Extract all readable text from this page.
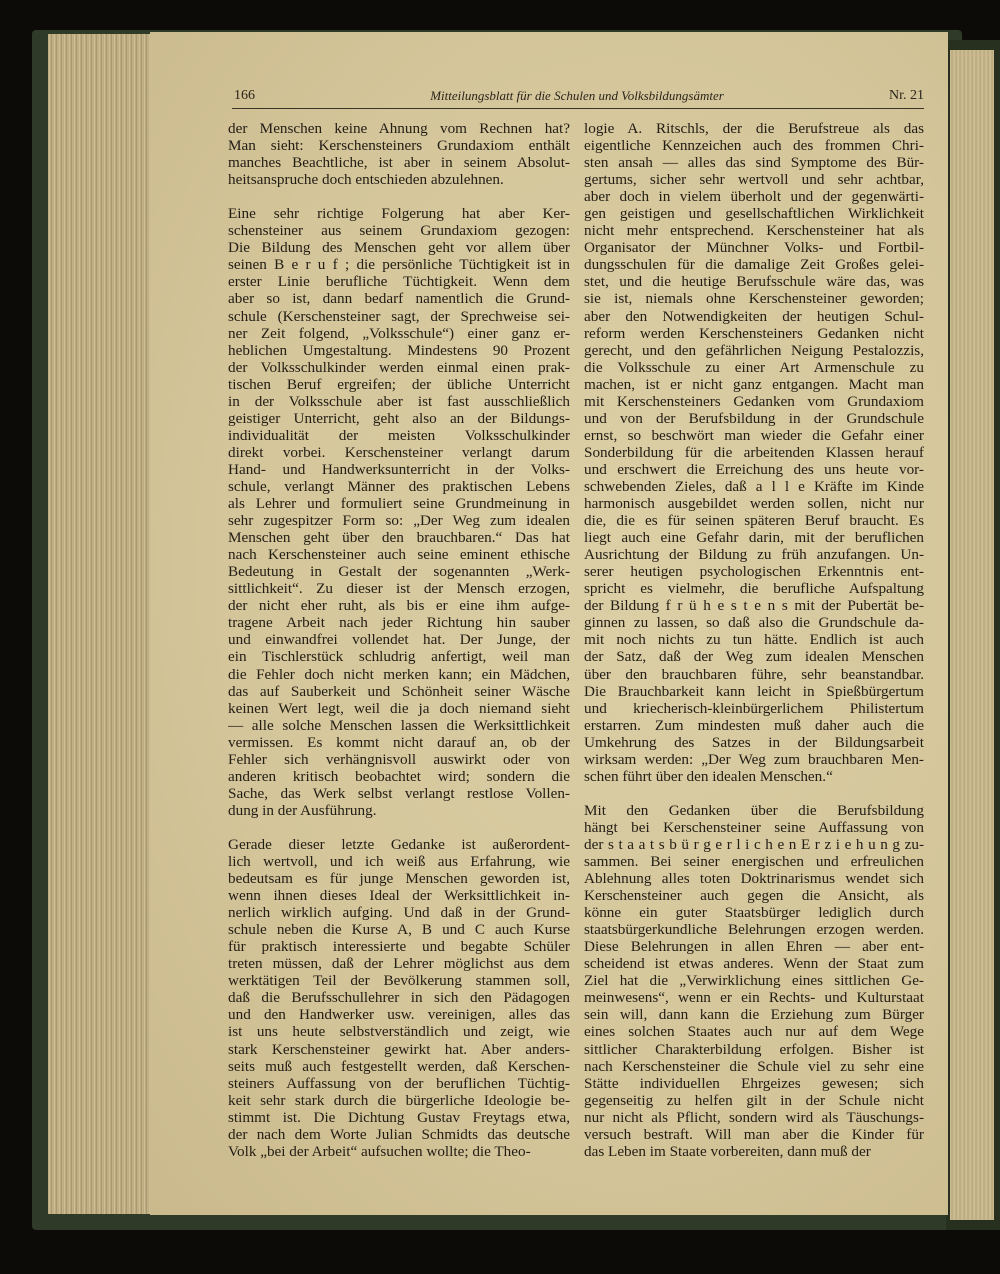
166	Mitteilungsblatt für die Schulen und Volksbildungsämter	Nr. 21
der Menschen keine Ahnung vom Rechnen hat?
Man sieht: Kerschensteiners Grundaxiom enthält
manches Beachtliche, ist aber in seinem Absolut-
heitsanspruche doch entschieden abzulehnen.
Eine sehr richtige Folgerung hat aber Ker-
schensteiner aus seinem Grundaxiom gezogen:
Die Bildung des Menschen geht vor allem über
seinen B e r u f ; die persönliche Tüchtigkeit ist in
erster Linie berufliche Tüchtigkeit. Wenn dem
aber so ist, dann bedarf namentlich die Grund-
schule (Kerschensteiner sagt, der Sprechweise sei-
ner Zeit folgend, „Volksschule“) einer ganz er-
heblichen Umgestaltung. Mindestens 90 Prozent
der Volksschulkinder werden einmal einen prak-
tischen Beruf ergreifen; der übliche Unterricht
in der Volksschule aber ist fast ausschließlich
geistiger Unterricht, geht also an der Bildungs-
individualität der meisten Volksschulkinder
direkt vorbei. Kerschensteiner verlangt darum
Hand- und Handwerksunterricht in der Volks-
schule, verlangt Männer des praktischen Lebens
als Lehrer und formuliert seine Grundmeinung in
sehr zugespitzer Form so: „Der Weg zum idealen
Menschen geht über den brauchbaren.“ Das hat
nach Kerschensteiner auch seine eminent ethische
Bedeutung in Gestalt der sogenannten „Werk-
sittlichkeit“. Zu dieser ist der Mensch erzogen,
der nicht eher ruht, als bis er eine ihm aufge-
tragene Arbeit nach jeder Richtung hin sauber
und einwandfrei vollendet hat. Der Junge, der
ein Tischlerstück schludrig anfertigt, weil man
die Fehler doch nicht merken kann; ein Mädchen,
das auf Sauberkeit und Schönheit seiner Wäsche
keinen Wert legt, weil die ja doch niemand sieht
— alle solche Menschen lassen die Werksittlichkeit
vermissen. Es kommt nicht darauf an, ob der
Fehler sich verhängnisvoll auswirkt oder von
anderen kritisch beobachtet wird; sondern die
Sache, das Werk selbst verlangt restlose Vollen-
dung in der Ausführung.
Gerade dieser letzte Gedanke ist außerordent-
lich wertvoll, und ich weiß aus Erfahrung, wie
bedeutsam es für junge Menschen geworden ist,
wenn ihnen dieses Ideal der Werksittlichkeit in-
nerlich wirklich aufging. Und daß in der Grund-
schule neben die Kurse A, B und C auch Kurse
für praktisch interessierte und begabte Schüler
treten müssen, daß der Lehrer möglichst aus dem
werktätigen Teil der Bevölkerung stammen soll,
daß die Berufsschullehrer in sich den Pädagogen
und den Handwerker usw. vereinigen, alles das
ist uns heute selbstverständlich und zeigt, wie
stark Kerschensteiner gewirkt hat. Aber anders-
seits muß auch festgestellt werden, daß Kerschen-
steiners Auffassung von der beruflichen Tüchtig-
keit sehr stark durch die bürgerliche Ideologie be-
stimmt ist. Die Dichtung Gustav Freytags etwa,
der nach dem Worte Julian Schmidts das deutsche
Volk „bei der Arbeit“ aufsuchen wollte; die Theo-
logie A. Ritschls, der die Berufstreue als das
eigentliche Kennzeichen auch des frommen Chri-
sten ansah — alles das sind Symptome des Bür-
gertums, sicher sehr wertvoll und sehr achtbar,
aber doch in vielem überholt und der gegenwärti-
gen geistigen und gesellschaftlichen Wirklichkeit
nicht mehr entsprechend. Kerschensteiner hat als
Organisator der Münchner Volks- und Fortbil-
dungsschulen für die damalige Zeit Großes gelei-
stet, und die heutige Berufsschule wäre das, was
sie ist, niemals ohne Kerschensteiner geworden;
aber den Notwendigkeiten der heutigen Schul-
reform werden Kerschensteiners Gedanken nicht
gerecht, und den gefährlichen Neigung Pestalozzis,
die Volksschule zu einer Art Armenschule zu
machen, ist er nicht ganz entgangen. Macht man
mit Kerschensteiners Gedanken vom Grundaxiom
und von der Berufsbildung in der Grundschule
ernst, so beschwört man wieder die Gefahr einer
Sonderbildung für die arbeitenden Klassen herauf
und erschwert die Erreichung des uns heute vor-
schwebenden Zieles, daß a l l e Kräfte im Kinde
harmonisch ausgebildet werden sollen, nicht nur
die, die es für seinen späteren Beruf braucht. Es
liegt auch eine Gefahr darin, mit der beruflichen
Ausrichtung der Bildung zu früh anzufangen. Un-
serer heutigen psychologischen Erkenntnis ent-
spricht es vielmehr, die berufliche Aufspaltung
der Bildung f r ü h e s t e n s mit der Pubertät be-
ginnen zu lassen, so daß also die Grundschule da-
mit noch nichts zu tun hätte. Endlich ist auch
der Satz, daß der Weg zum idealen Menschen
über den brauchbaren führe, sehr beanstandbar.
Die Brauchbarkeit kann leicht in Spießbürgertum
und kriecherisch-kleinbürgerlichem Philistertum
erstarren. Zum mindesten muß daher auch die
Umkehrung des Satzes in der Bildungsarbeit
wirksam werden: „Der Weg zum brauchbaren Men-
schen führt über den idealen Menschen.“
Mit den Gedanken über die Berufsbildung
hängt bei Kerschensteiner seine Auffassung von
der s t a a t s b ü r g e r l i c h e n E r z i e h u n g zu-
sammen. Bei seiner energischen und erfreulichen
Ablehnung alles toten Doktrinarismus wendet sich
Kerschensteiner auch gegen die Ansicht, als
könne ein guter Staatsbürger lediglich durch
staatsbürgerkundliche Belehrungen erzogen werden.
Diese Belehrungen in allen Ehren — aber ent-
scheidend ist etwas anderes. Wenn der Staat zum
Ziel hat die „Verwirklichung eines sittlichen Ge-
meinwesens“, wenn er ein Rechts- und Kulturstaat
sein will, dann kann die Erziehung zum Bürger
eines solchen Staates auch nur auf dem Wege
sittlicher Charakterbildung erfolgen. Bisher ist
nach Kerschensteiner die Schule viel zu sehr eine
Stätte individuellen Ehrgeizes gewesen; sich
gegenseitig zu helfen gilt in der Schule nicht
nur nicht als Pflicht, sondern wird als Täuschungs-
versuch bestraft. Will man aber die Kinder für
das Leben im Staate vorbereiten, dann muß der
